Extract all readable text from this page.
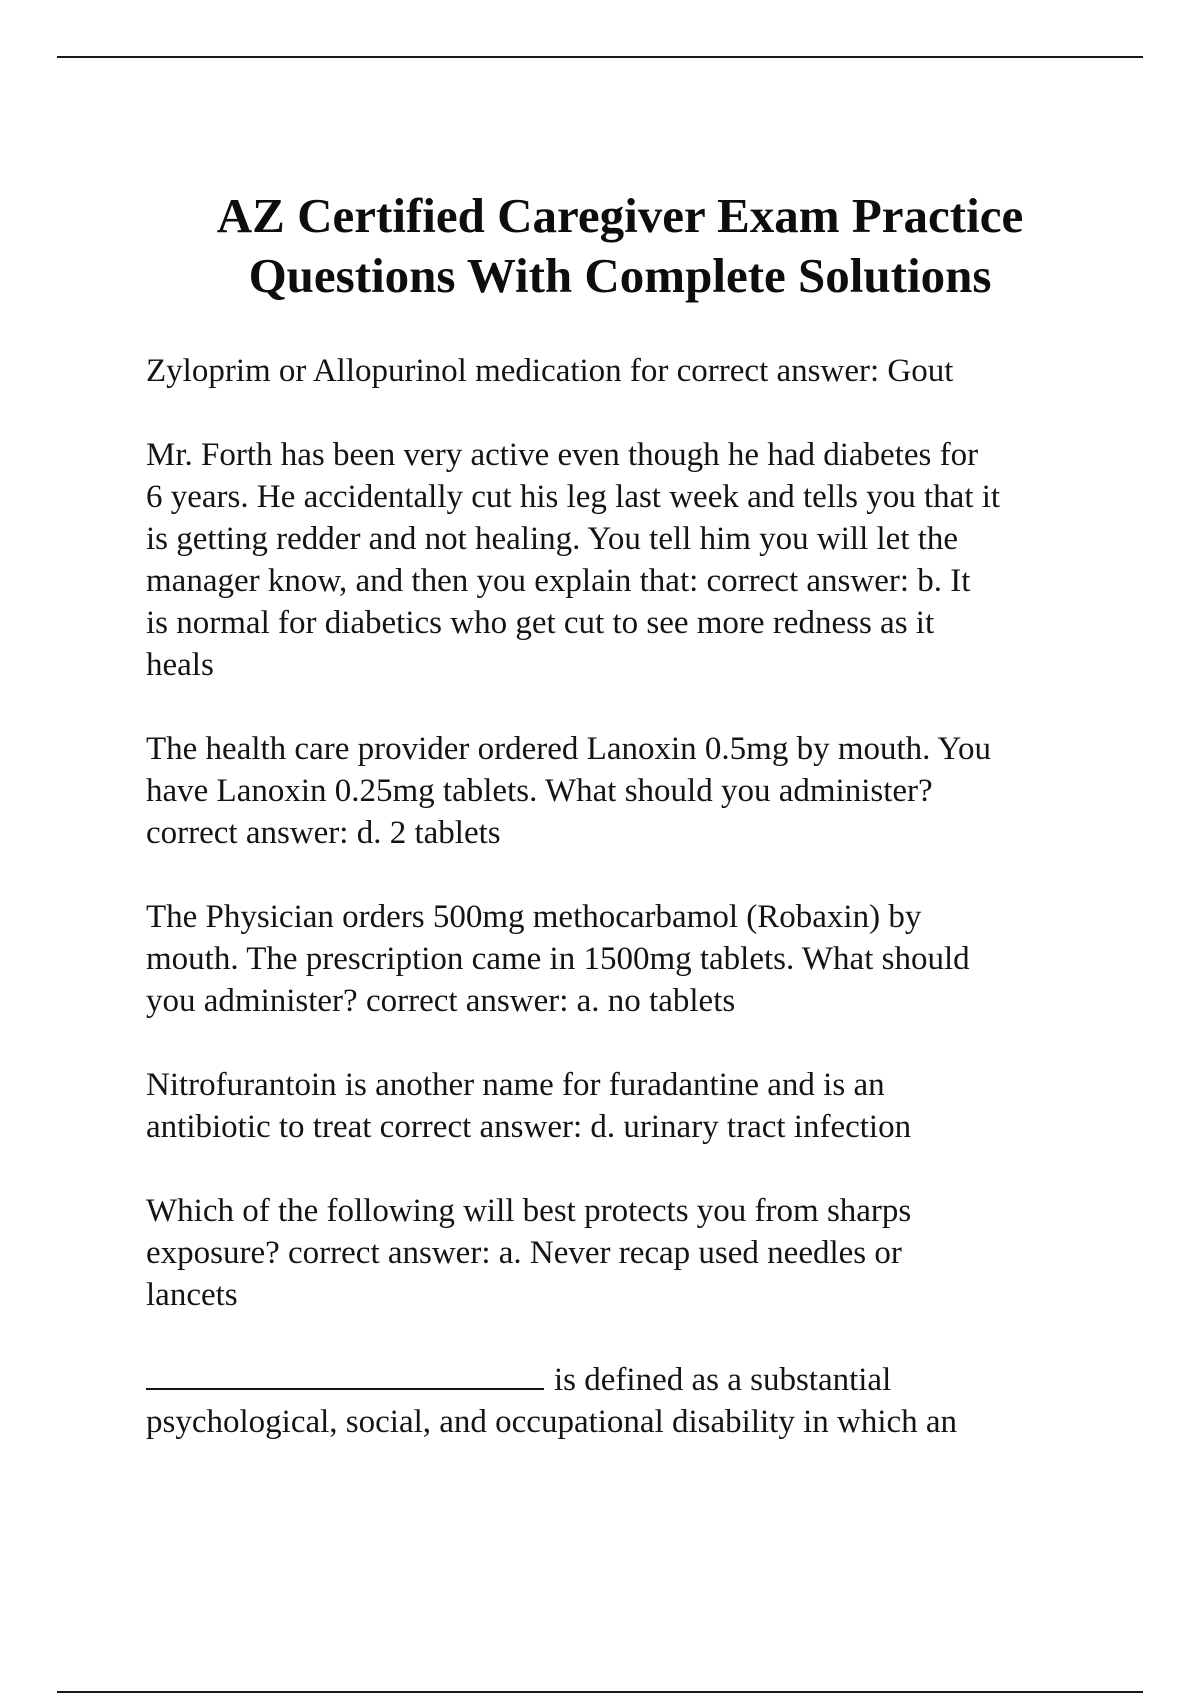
AZ Certified Caregiver Exam Practice
Questions With Complete Solutions

Zyloprim or Allopurinol medication for correct answer: Gout

Mr. Forth has been very active even though he had diabetes for
6 years. He accidentally cut his leg last week and tells you that it
is getting redder and not healing. You tell him you will let the
manager know, and then you explain that: correct answer: b. It
is normal for diabetics who get cut to see more redness as it
heals

The health care provider ordered Lanoxin 0.5mg by mouth. You
have Lanoxin 0.25mg tablets. What should you administer?
correct answer: d. 2 tablets

The Physician orders 500mg methocarbamol (Robaxin) by
mouth. The prescription came in 1500mg tablets. What should
you administer? correct answer: a. no tablets

Nitrofurantoin is another name for furadantine and is an
antibiotic to treat correct answer: d. urinary tract infection

Which of the following will best protects you from sharps
exposure? correct answer: a. Never recap used needles or
lancets

is defined as a substantial
psychological, social, and occupational disability in which an
